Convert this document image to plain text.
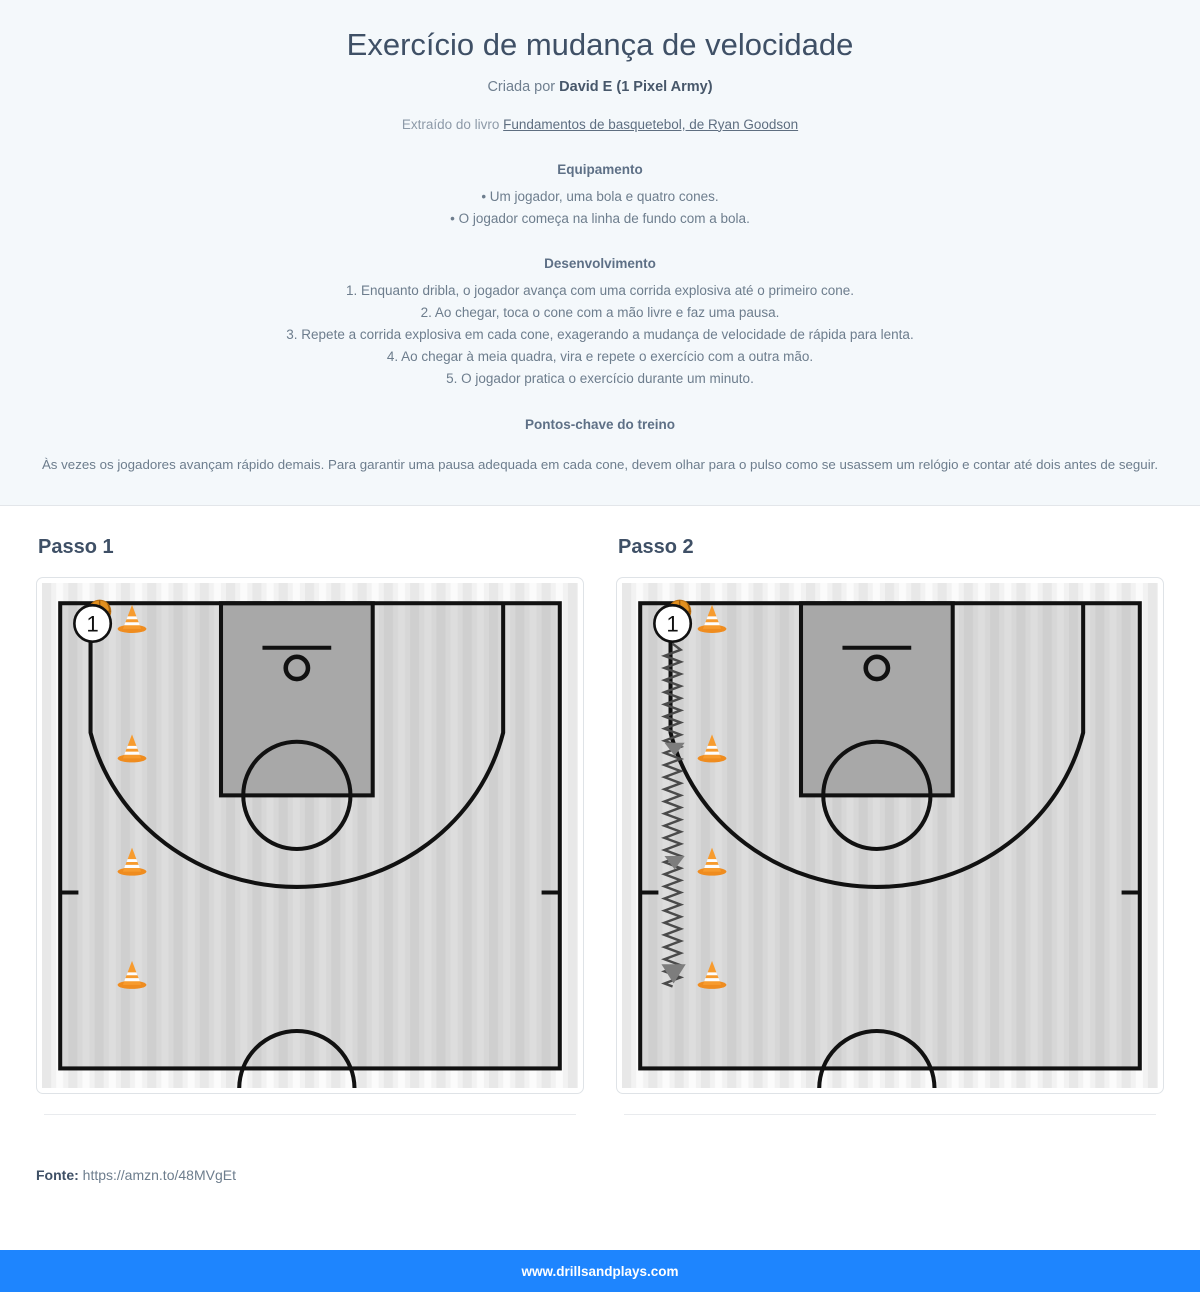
Exercício de mudança de velocidade

Criada por David E (1 Pixel Army)

Extraído do livro Fundamentos de basquetebol, de Ryan Goodson

Equipamento
• Um jogador, uma bola e quatro cones.
• O jogador começa na linha de fundo com a bola.
Desenvolvimento
1. Enquanto dribla, o jogador avança com uma corrida explosiva até o primeiro cone.
2. Ao chegar, toca o cone com a mão livre e faz uma pausa.
3. Repete a corrida explosiva em cada cone, exagerando a mudança de velocidade de rápida para lenta.
4. Ao chegar à meia quadra, vira e repete o exercício com a outra mão.
5. O jogador pratica o exercício durante um minuto.
Pontos-chave do treino
Às vezes os jogadores avançam rápido demais. Para garantir uma pausa adequada em cada cone, devem olhar para o pulso como se usassem um relógio e contar até dois antes de seguir.
Passo 1
1
Passo 2
1
Fonte: https://amzn.to/48MVgEt
www.drillsandplays.com
